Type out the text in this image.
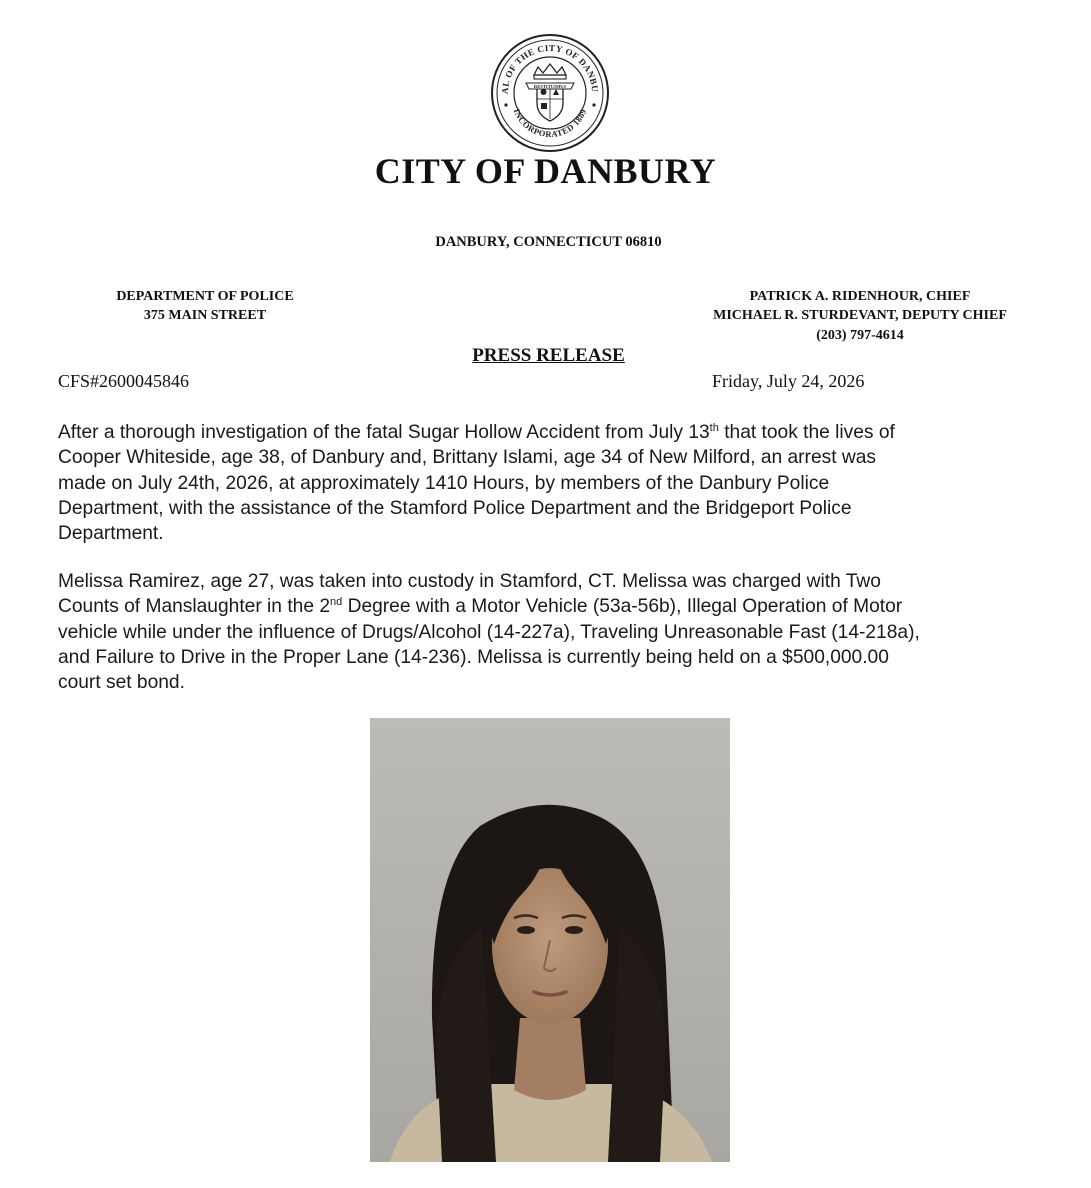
AL OF THE CITY OF DANBU
INCORPORATED 1889
RESTITUIMUS
CITY OF DANBURY
DANBURY, CONNECTICUT 06810
DEPARTMENT OF POLICE
375 MAIN STREET
PATRICK A. RIDENHOUR, CHIEF
MICHAEL R. STURDEVANT, DEPUTY CHIEF
(203) 797-4614
PRESS RELEASE
CFS#2600045846	Friday, July 24, 2026
After a thorough investigation of the fatal Sugar Hollow Accident from July 13th that took the lives of
Cooper Whiteside, age 38, of Danbury and, Brittany Islami, age 34 of New Milford, an arrest was
made on July 24th, 2026, at approximately 1410 Hours, by members of the Danbury Police
Department, with the assistance of the Stamford Police Department and the Bridgeport Police
Department.
Melissa Ramirez, age 27, was taken into custody in Stamford, CT. Melissa was charged with Two
Counts of Manslaughter in the 2nd Degree with a Motor Vehicle (53a-56b), Illegal Operation of Motor
vehicle while under the influence of Drugs/Alcohol (14-227a), Traveling Unreasonable Fast (14-218a),
and Failure to Drive in the Proper Lane (14-236). Melissa is currently being held on a $500,000.00
court set bond.
